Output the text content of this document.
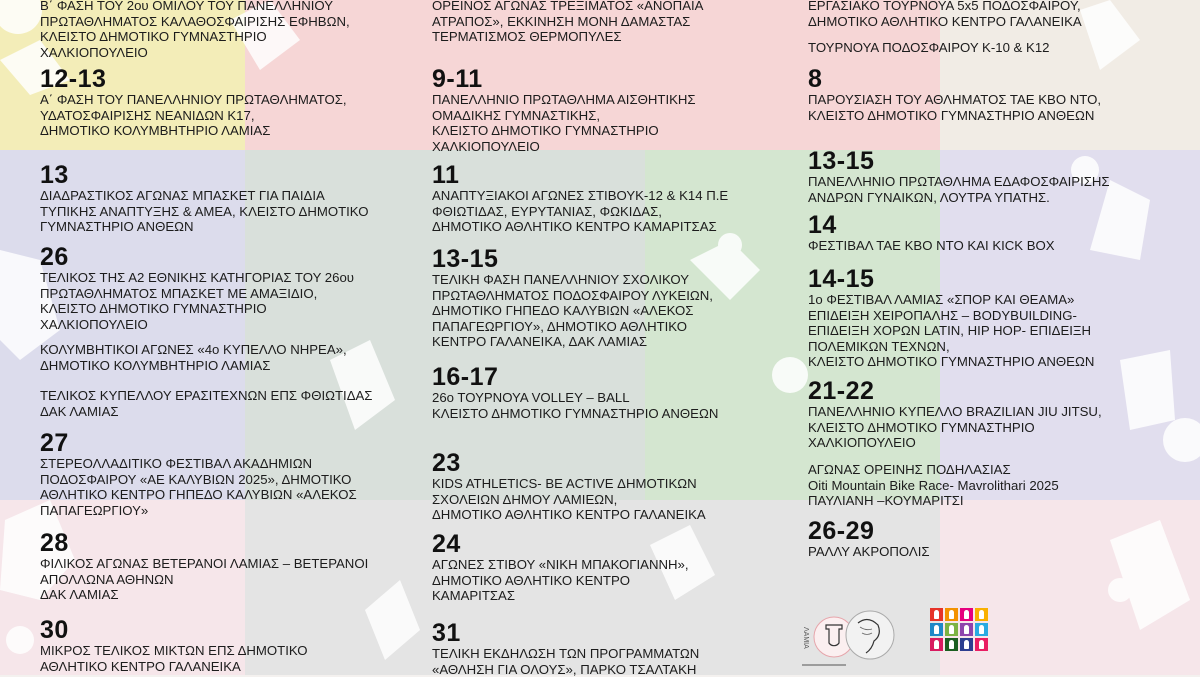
Β΄ ΦΑΣΗ ΤΟΥ 2ου ΟΜΙΛΟΥ ΤΟΥ ΠΑΝΕΛΛΗΝΙΟΥ
ΠΡΩΤΑΘΛΗΜΑΤΟΣ ΚΑΛΑΘΟΣΦΑΙΡΙΣΗΣ ΕΦΗΒΩΝ,
ΚΛΕΙΣΤΟ ΔΗΜΟΤΙΚΟ ΓΥΜΝΑΣΤΗΡΙΟ
ΧΑΛΚΙΟΠΟΥΛΕΙΟ
12-13
Α΄ ΦΑΣΗ ΤΟΥ ΠΑΝΕΛΛΗΝΙΟΥ ΠΡΩΤΑΘΛΗΜΑΤΟΣ,
ΥΔΑΤΟΣΦΑΙΡΙΣΗΣ ΝΕΑΝΙΔΩΝ Κ17,
ΔΗΜΟΤΙΚΟ ΚΟΛΥΜΒΗΤΗΡΙΟ ΛΑΜΙΑΣ
13
ΔΙΑΔΡΑΣΤΙΚΟΣ ΑΓΩΝΑΣ ΜΠΑΣΚΕΤ ΓΙΑ ΠΑΙΔΙΑ
ΤΥΠΙΚΗΣ ΑΝΑΠΤΥΞΗΣ & ΑΜΕΑ, ΚΛΕΙΣΤΟ ΔΗΜΟΤΙΚΟ
ΓΥΜΝΑΣΤΗΡΙΟ ΑΝΘΕΩΝ
26
ΤΕΛΙΚΟΣ ΤΗΣ Α2 ΕΘΝΙΚΗΣ ΚΑΤΗΓΟΡΙΑΣ ΤΟΥ 26ου
ΠΡΩΤΑΘΛΗΜΑΤΟΣ ΜΠΑΣΚΕΤ ΜΕ ΑΜΑΞΙΔΙΟ,
ΚΛΕΙΣΤΟ ΔΗΜΟΤΙΚΟ ΓΥΜΝΑΣΤΗΡΙΟ
ΧΑΛΚΙΟΠΟΥΛΕΙΟ
ΚΟΛΥΜΒΗΤΙΚΟΙ ΑΓΩΝΕΣ «4ο ΚΥΠΕΛΛΟ ΝΗΡΕΑ»,
ΔΗΜΟΤΙΚΟ ΚΟΛΥΜΒΗΤΗΡΙΟ ΛΑΜΙΑΣ
ΤΕΛΙΚΟΣ ΚΥΠΕΛΛΟΥ ΕΡΑΣΙΤΕΧΝΩΝ ΕΠΣ ΦΘΙΩΤΙΔΑΣ
ΔΑΚ ΛΑΜΙΑΣ
27
ΣΤΕΡΕΟΛΛΑΔΙΤΙΚΟ ΦΕΣΤΙΒΑΛ ΑΚΑΔΗΜΙΩΝ
ΠΟΔΟΣΦΑΙΡΟΥ «ΑΕ ΚΑΛΥΒΙΩΝ 2025», ΔΗΜΟΤΙΚΟ
ΑΘΛΗΤΙΚΟ ΚΕΝΤΡΟ ΓΗΠΕΔΟ ΚΑΛΥΒΙΩΝ «ΑΛΕΚΟΣ
ΠΑΠΑΓΕΩΡΓΙΟΥ»
28
ΦΙΛΙΚΟΣ ΑΓΩΝΑΣ ΒΕΤΕΡΑΝΟΙ ΛΑΜΙΑΣ – ΒΕΤΕΡΑΝΟΙ
ΑΠΟΛΛΩΝΑ ΑΘΗΝΩΝ
ΔΑΚ ΛΑΜΙΑΣ
30
ΜΙΚΡΟΣ ΤΕΛΙΚΟΣ ΜΙΚΤΩΝ ΕΠΣ ΔΗΜΟΤΙΚΟ
ΑΘΛΗΤΙΚΟ ΚΕΝΤΡΟ ΓΑΛΑΝΕΙΚΑ
ΟΡΕΙΝΟΣ ΑΓΩΝΑΣ ΤΡΕΞΙΜΑΤΟΣ «ΑΝΟΠΑΙΑ
ΑΤΡΑΠΟΣ», ΕΚΚΙΝΗΣΗ ΜΟΝΗ ΔΑΜΑΣΤΑΣ
ΤΕΡΜΑΤΙΣΜΟΣ ΘΕΡΜΟΠΥΛΕΣ
9-11
ΠΑΝΕΛΛΗΝΙΟ ΠΡΩΤΑΘΛΗΜΑ ΑΙΣΘΗΤΙΚΗΣ
ΟΜΑΔΙΚΗΣ ΓΥΜΝΑΣΤΙΚΗΣ,
ΚΛΕΙΣΤΟ ΔΗΜΟΤΙΚΟ ΓΥΜΝΑΣΤΗΡΙΟ
ΧΑΛΚΙΟΠΟΥΛΕΙΟ
11
ΑΝΑΠΤΥΞΙΑΚΟΙ ΑΓΩΝΕΣ ΣΤΙΒΟΥΚ-12 & Κ14 Π.Ε
ΦΘΙΩΤΙΔΑΣ, ΕΥΡΥΤΑΝΙΑΣ, ΦΩΚΙΔΑΣ,
ΔΗΜΟΤΙΚΟ ΑΘΛΗΤΙΚΟ ΚΕΝΤΡΟ ΚΑΜΑΡΙΤΣΑΣ
13-15
ΤΕΛΙΚΗ ΦΑΣΗ ΠΑΝΕΛΛΗΝΙΟΥ ΣΧΟΛΙΚΟΥ
ΠΡΩΤΑΘΛΗΜΑΤΟΣ ΠΟΔΟΣΦΑΙΡΟΥ ΛΥΚΕΙΩΝ,
ΔΗΜΟΤΙΚΟ ΓΗΠΕΔΟ ΚΑΛΥΒΙΩΝ «ΑΛΕΚΟΣ
ΠΑΠΑΓΕΩΡΓΙΟΥ», ΔΗΜΟΤΙΚΟ ΑΘΛΗΤΙΚΟ
ΚΕΝΤΡΟ ΓΑΛΑΝΕΙΚΑ, ΔΑΚ ΛΑΜΙΑΣ
16-17
26ο ΤΟΥΡΝΟΥΑ VOLLEY – BALL
ΚΛΕΙΣΤΟ ΔΗΜΟΤΙΚΟ ΓΥΜΝΑΣΤΗΡΙΟ ΑΝΘΕΩΝ
23
KIDS ATHLETICS- BE ACTIVE ΔΗΜΟΤΙΚΩΝ
ΣΧΟΛΕΙΩΝ ΔΗΜΟΥ ΛΑΜΙΕΩΝ,
ΔΗΜΟΤΙΚΟ ΑΘΛΗΤΙΚΟ ΚΕΝΤΡΟ ΓΑΛΑΝΕΙΚΑ
24
ΑΓΩΝΕΣ ΣΤΙΒΟΥ «ΝΙΚΗ ΜΠΑΚΟΓΙΑΝΝΗ»,
ΔΗΜΟΤΙΚΟ ΑΘΛΗΤΙΚΟ ΚΕΝΤΡΟ
ΚΑΜΑΡΙΤΣΑΣ
31
ΤΕΛΙΚΗ ΕΚΔΗΛΩΣΗ ΤΩΝ ΠΡΟΓΡΑΜΜΑΤΩΝ
«ΑΘΛΗΣΗ ΓΙΑ ΟΛΟΥΣ», ΠΑΡΚΟ ΤΣΑΛΤΑΚΗ
ΕΡΓΑΣΙΑΚΟ ΤΟΥΡΝΟΥΑ 5x5 ΠΟΔΟΣΦΑΙΡΟΥ,
ΔΗΜΟΤΙΚΟ ΑΘΛΗΤΙΚΟ ΚΕΝΤΡΟ ΓΑΛΑΝΕΙΚΑ
ΤΟΥΡΝΟΥΑ ΠΟΔΟΣΦΑΙΡΟΥ Κ-10 & Κ12
8
ΠΑΡΟΥΣΙΑΣΗ ΤΟΥ ΑΘΛΗΜΑΤΟΣ ΤΑΕ ΚΒΟ ΝΤΟ,
ΚΛΕΙΣΤΟ ΔΗΜΟΤΙΚΟ ΓΥΜΝΑΣΤΗΡΙΟ ΑΝΘΕΩΝ
13-15
ΠΑΝΕΛΛΗΝΙΟ ΠΡΩΤΑΘΛΗΜΑ ΕΔΑΦΟΣΦΑΙΡΙΣΗΣ
ΑΝΔΡΩΝ ΓΥΝΑΙΚΩΝ, ΛΟΥΤΡΑ ΥΠΑΤΗΣ.
14
ΦΕΣΤΙΒΑΛ ΤΑΕ ΚΒΟ ΝΤΟ ΚΑΙ KICK BOX
14-15
1ο ΦΕΣΤΙΒΑΛ ΛΑΜΙΑΣ «ΣΠΟΡ ΚΑΙ ΘΕΑΜΑ»
ΕΠΙΔΕΙΞΗ ΧΕΙΡΟΠΑΛΗΣ – BODYBUILDING-
ΕΠΙΔΕΙΞΗ ΧΟΡΩΝ LATIN, HIP HOP- ΕΠΙΔΕΙΞΗ
ΠΟΛΕΜΙΚΩΝ ΤΕΧΝΩΝ,
ΚΛΕΙΣΤΟ ΔΗΜΟΤΙΚΟ ΓΥΜΝΑΣΤΗΡΙΟ ΑΝΘΕΩΝ
21-22
ΠΑΝΕΛΛΗΝΙΟ ΚΥΠΕΛΛΟ BRAZILIAN JIU JITSU,
ΚΛΕΙΣΤΟ ΔΗΜΟΤΙΚΟ ΓΥΜΝΑΣΤΗΡΙΟ
ΧΑΛΚΙΟΠΟΥΛΕΙΟ
ΑΓΩΝΑΣ ΟΡΕΙΝΗΣ ΠΟΔΗΛΑΣΙΑΣ
Oiti Mountain Bike Race- Mavrolithari 2025
ΠΑΥΛΙΑΝΗ –ΚΟΥΜΑΡΙΤΣΙ
26-29
ΡΑΛΛΥ ΑΚΡΟΠΟΛΙΣ
ΛΑΜΙΑ
